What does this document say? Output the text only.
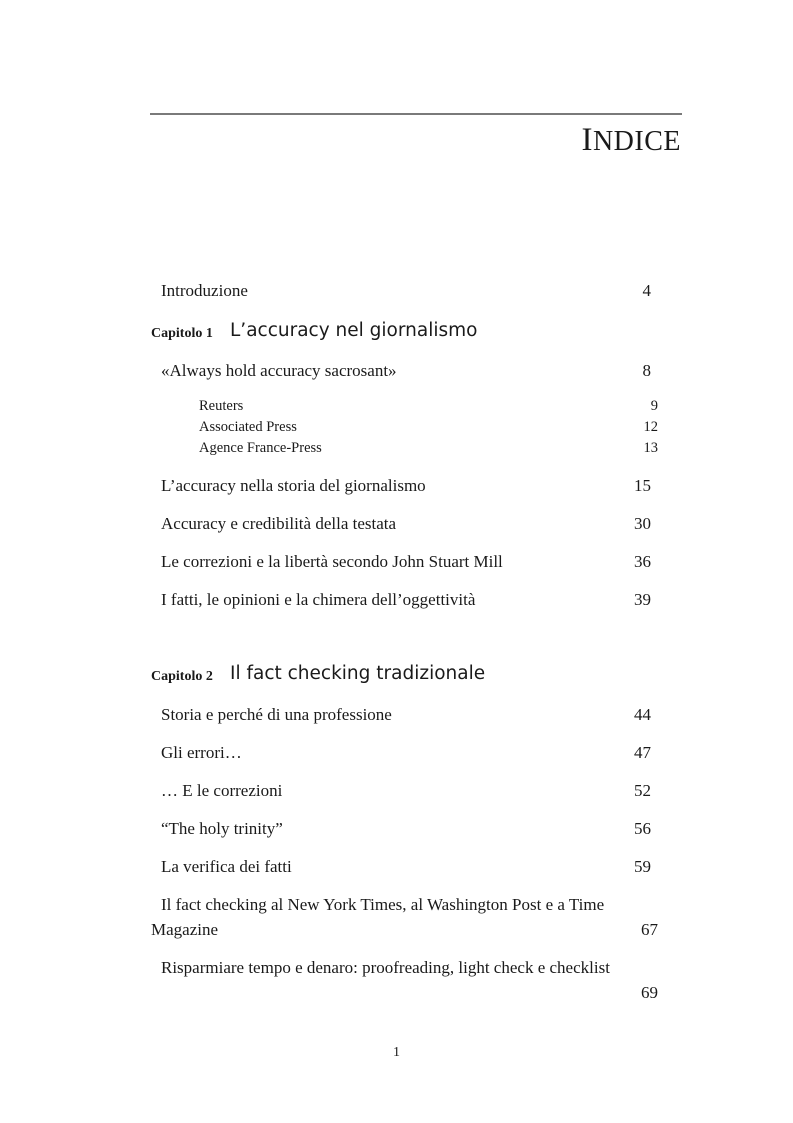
INDICE
Introduzione	4
Capitolo 1 L’accuracy nel giornalismo
«Always hold accuracy sacrosant»	8
Reuters	9
Associated Press	12
Agence France-Press	13
L’accuracy nella storia del giornalismo	15
Accuracy e credibilità della testata	30
Le correzioni e la libertà secondo John Stuart Mill	36
I fatti, le opinioni e la chimera dell’oggettività	39
Capitolo 2 Il fact checking tradizionale
Storia e perché di una professione	44
Gli errori…	47
… E le correzioni	52
“The holy trinity”	56
La verifica dei fatti	59
Il fact checking al New York Times, al Washington Post e a Time
Magazine	67
Risparmiare tempo e denaro: proofreading, light check e checklist
69
1
